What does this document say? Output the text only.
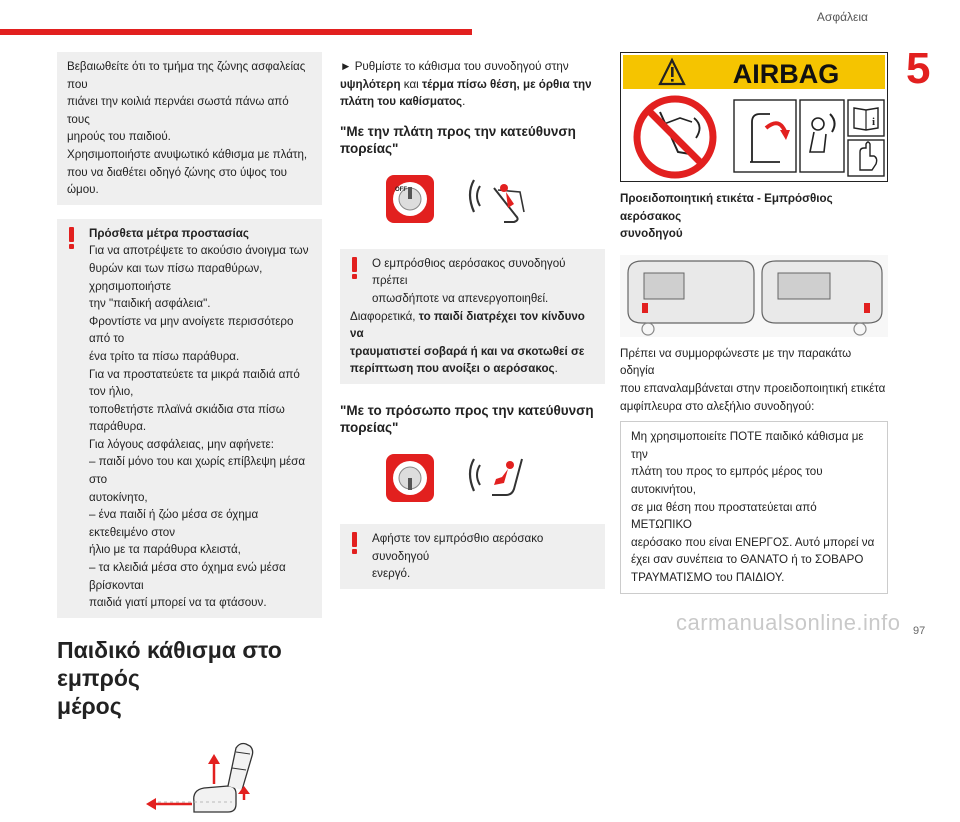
Ασφάλεια
5
97
carmanualsonline.info
Βεβαιωθείτε ότι το τμήμα της ζώνης ασφαλείας που
πιάνει την κοιλιά περνάει σωστά πάνω από τους
μηρούς του παιδιού.
Χρησιμοποιήστε ανυψωτικό κάθισμα με πλάτη,
που να διαθέτει οδηγό ζώνης στο ύψος του ώμου.
Πρόσθετα μέτρα προστασίας
Για να αποτρέψετε το ακούσιο άνοιγμα των
θυρών και των πίσω παραθύρων, χρησιμοποιήστε
την "παιδική ασφάλεια".
Φροντίστε να μην ανοίγετε περισσότερο από το
ένα τρίτο τα πίσω παράθυρα.
Για να προστατεύετε τα μικρά παιδιά από τον ήλιο,
τοποθετήστε πλαϊνά σκιάδια στα πίσω παράθυρα.
Για λόγους ασφάλειας, μην αφήνετε:
– παιδί μόνο του και χωρίς επίβλεψη μέσα στο
αυτοκίνητο,
– ένα παιδί ή ζώο μέσα σε όχημα εκτεθειμένο στον
ήλιο με τα παράθυρα κλειστά,
– τα κλειδιά μέσα στο όχημα ενώ μέσα βρίσκονται
παιδιά γιατί μπορεί να τα φτάσουν.
Παιδικό κάθισμα στο εμπρός
μέρος
► Ρυθμίστε το κάθισμα του συνοδηγού στην
υψηλότερη και τέρμα πίσω θέση, με όρθια την
πλάτη του καθίσματος.
"Με την πλάτη προς την κατεύθυνση
πορείας"
OFF
Ο εμπρόσθιος αερόσακος συνοδηγού πρέπει
οπωσδήποτε να απενεργοποιηθεί.
Διαφορετικά, το παιδί διατρέχει τον κίνδυνο να
τραυματιστεί σοβαρά ή και να σκοτωθεί σε
περίπτωση που ανοίξει ο αερόσακος.
"Με το πρόσωπο προς την κατεύθυνση
πορείας"
Αφήστε τον εμπρόσθιο αερόσακο συνοδηγού
ενεργό.
AIRBAG
i
Προειδοποιητική ετικέτα - Εμπρόσθιος αερόσακος
συνοδηγού
Πρέπει να συμμορφώνεστε με την παρακάτω οδηγία
που επαναλαμβάνεται στην προειδοποιητική ετικέτα
αμφίπλευρα στο αλεξήλιο συνοδηγού:
Μη χρησιμοποιείτε ΠΟΤΕ παιδικό κάθισμα με την
πλάτη του προς το εμπρός μέρος του αυτοκινήτου,
σε μια θέση που προστατεύεται από ΜΕΤΩΠΙΚΟ
αερόσακο που είναι ΕΝΕΡΓΟΣ. Αυτό μπορεί να
έχει σαν συνέπεια το ΘΑΝΑΤΟ ή το ΣΟΒΑΡΟ
ΤΡΑΥΜΑΤΙΣΜΟ του ΠΑΙΔΙΟΥ.
